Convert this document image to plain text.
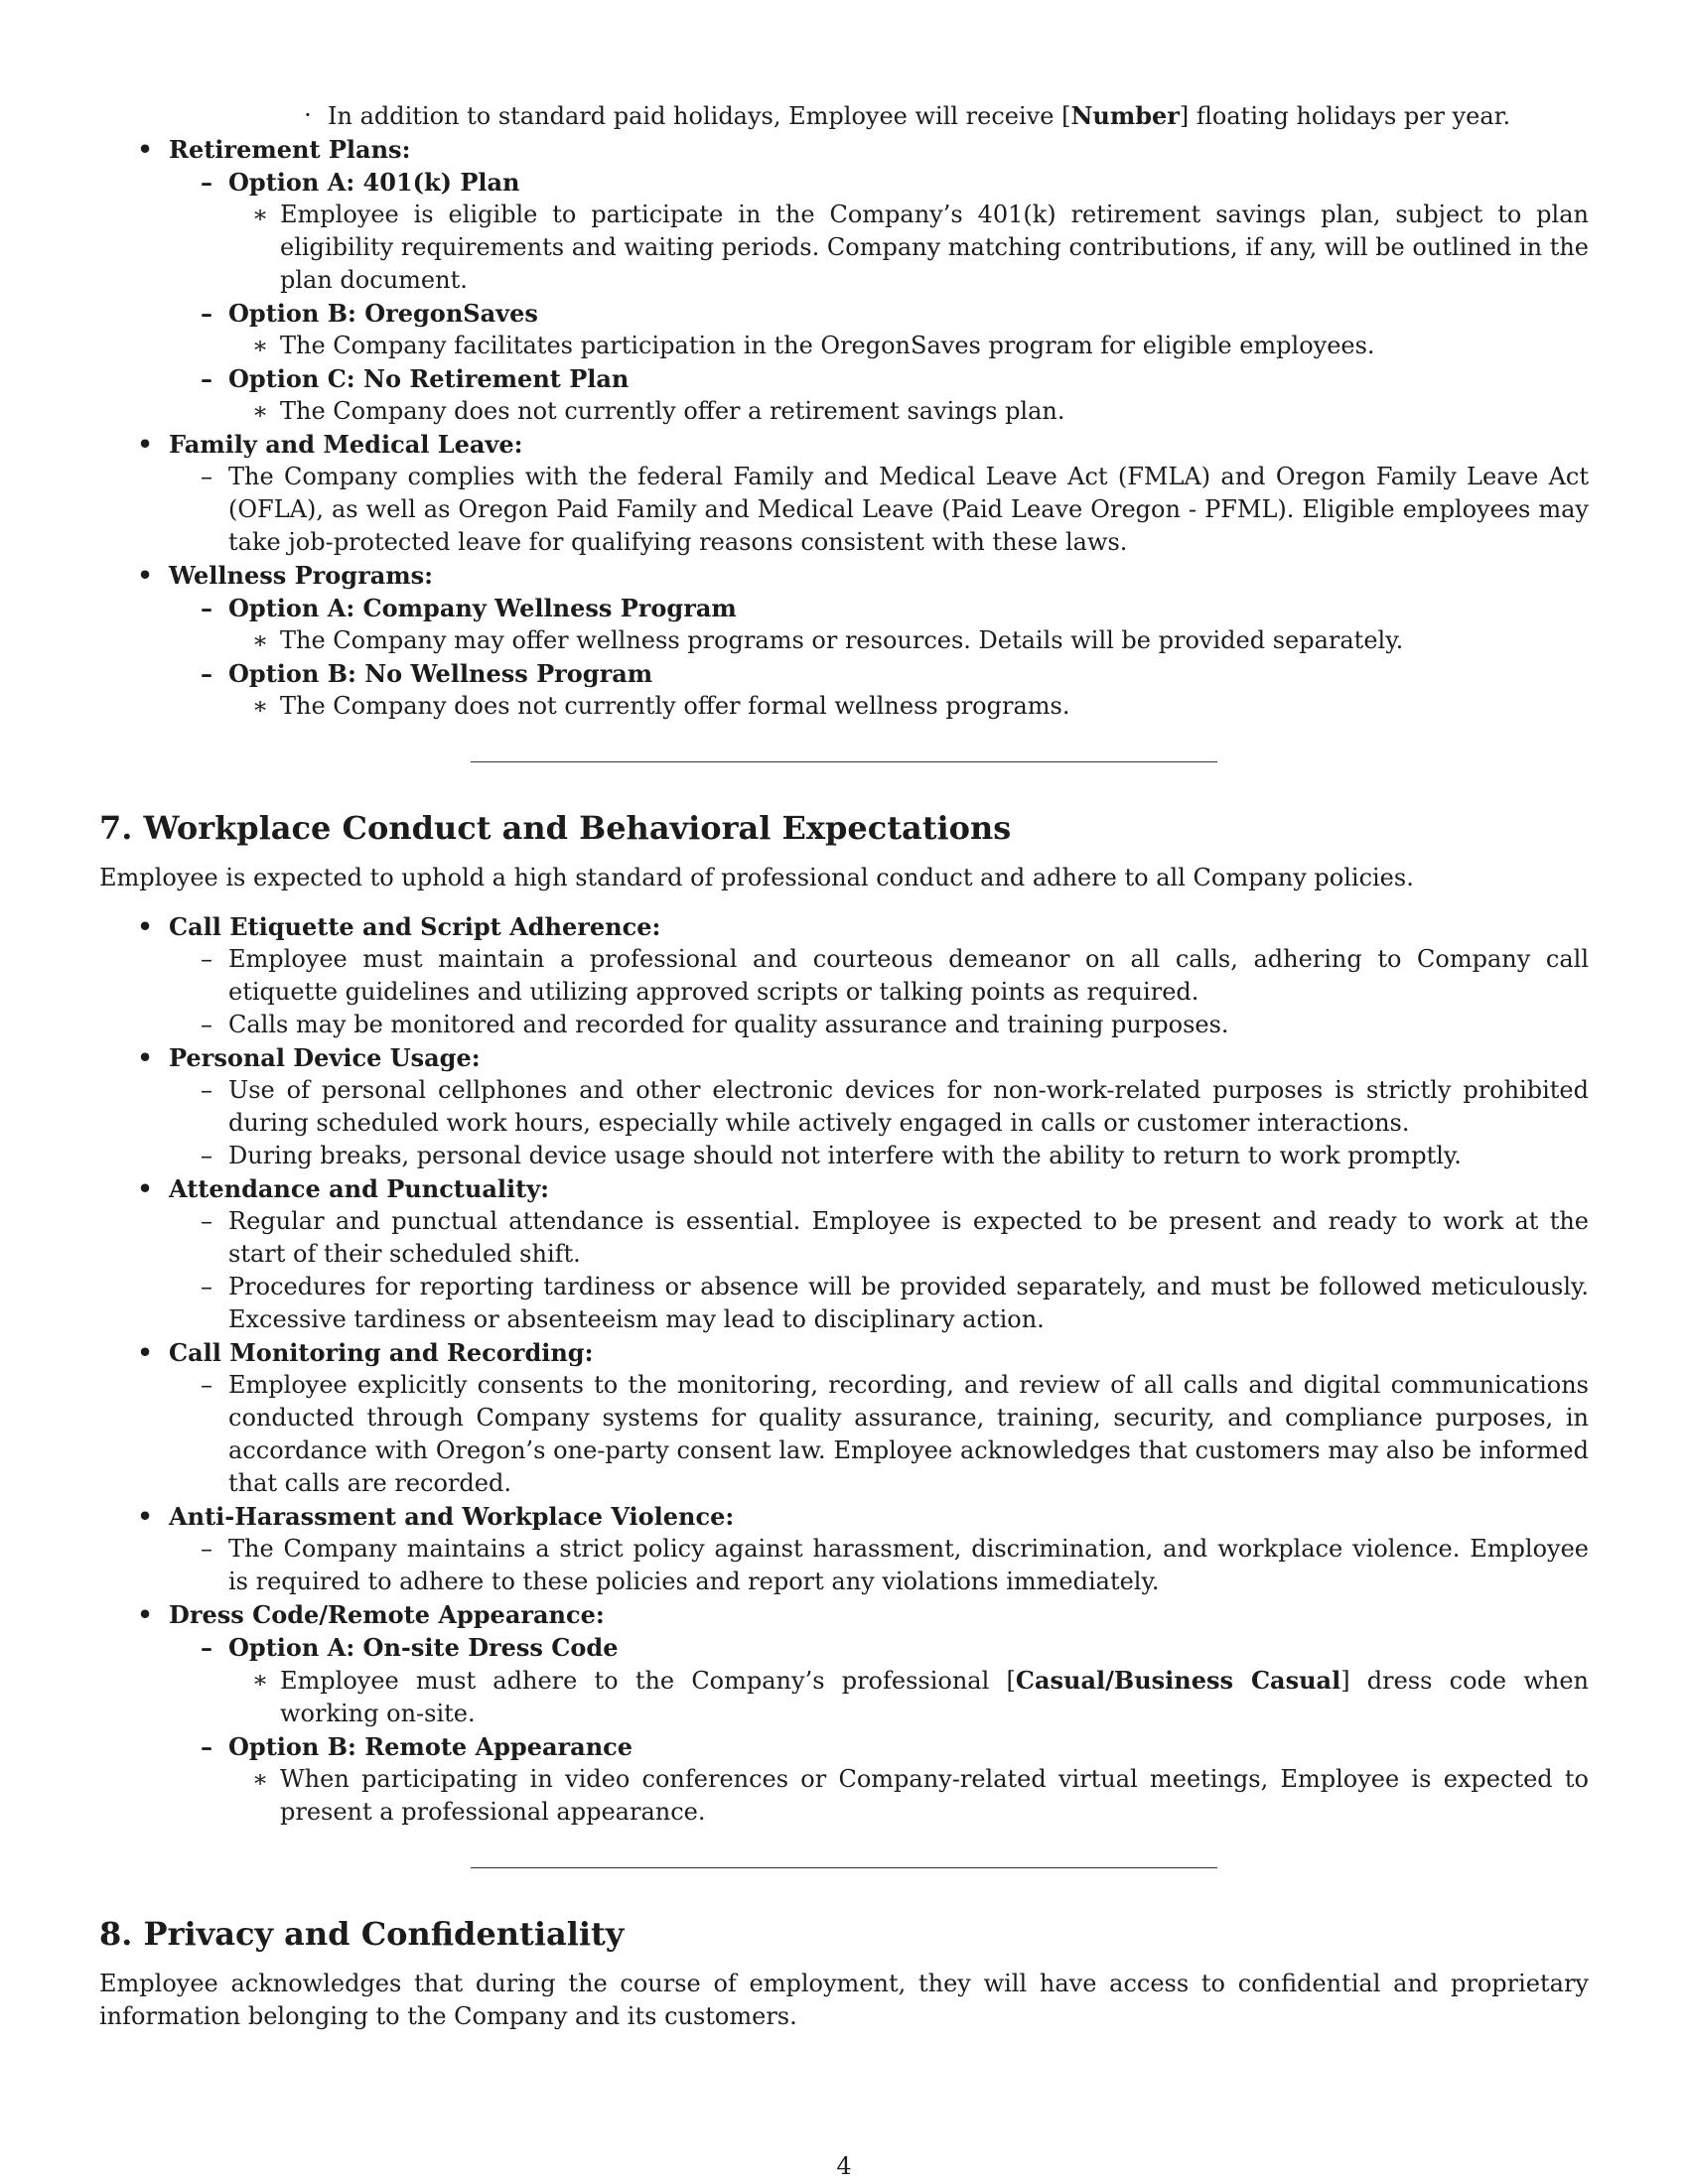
· In addition to standard paid holidays, Employee will receive [Number] floating holidays per year.
• Retirement Plans:
– Option A: 401(k) Plan
∗ Employee is eligible to participate in the Company’s 401(k) retirement savings plan, subject to plan eligibility requirements and waiting periods. Company matching contributions, if any, will be outlined in the plan document.
– Option B: OregonSaves
∗ The Company facilitates participation in the OregonSaves program for eligible employees.
– Option C: No Retirement Plan
∗ The Company does not currently offer a retirement savings plan.
• Family and Medical Leave:
– The Company complies with the federal Family and Medical Leave Act (FMLA) and Oregon Family Leave Act (OFLA), as well as Oregon Paid Family and Medical Leave (Paid Leave Oregon - PFML). Eligible employees may take job-protected leave for qualifying reasons consistent with these laws.
• Wellness Programs:
– Option A: Company Wellness Program
∗ The Company may offer wellness programs or resources. Details will be provided separately.
– Option B: No Wellness Program
∗ The Company does not currently offer formal wellness programs.
7. Workplace Conduct and Behavioral Expectations

Employee is expected to uphold a high standard of professional conduct and adhere to all Company policies.

• Call Etiquette and Script Adherence:
– Employee must maintain a professional and courteous demeanor on all calls, adhering to Company call etiquette guidelines and utilizing approved scripts or talking points as required.
– Calls may be monitored and recorded for quality assurance and training purposes.
• Personal Device Usage:
– Use of personal cellphones and other electronic devices for non-work-related purposes is strictly prohibited during scheduled work hours, especially while actively engaged in calls or customer interactions.
– During breaks, personal device usage should not interfere with the ability to return to work promptly.
• Attendance and Punctuality:
– Regular and punctual attendance is essential. Employee is expected to be present and ready to work at the start of their scheduled shift.
– Procedures for reporting tardiness or absence will be provided separately, and must be followed meticulously. Excessive tardiness or absenteeism may lead to disciplinary action.
• Call Monitoring and Recording:
– Employee explicitly consents to the monitoring, recording, and review of all calls and digital communications conducted through Company systems for quality assurance, training, security, and compliance purposes, in accordance with Oregon’s one-party consent law. Employee acknowledges that customers may also be informed that calls are recorded.
• Anti-Harassment and Workplace Violence:
– The Company maintains a strict policy against harassment, discrimination, and workplace violence. Employee is required to adhere to these policies and report any violations immediately.
• Dress Code/Remote Appearance:
– Option A: On-site Dress Code
∗ Employee must adhere to the Company’s professional [Casual/Business Casual] dress code when working on-site.
– Option B: Remote Appearance
∗ When participating in video conferences or Company-related virtual meetings, Employee is expected to present a professional appearance.
8. Privacy and Confidentiality

Employee acknowledges that during the course of employment, they will have access to confidential and proprietary information belonging to the Company and its customers.

4
